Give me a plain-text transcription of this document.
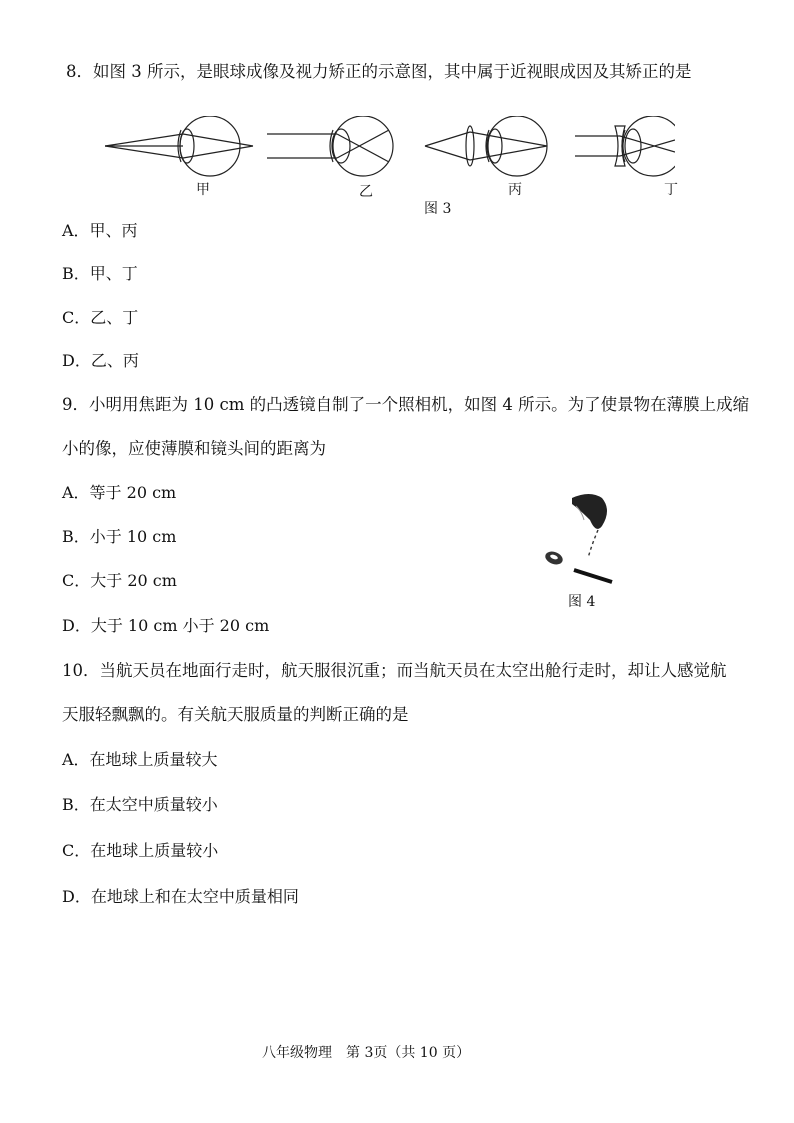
8．如图 3 所示，是眼球成像及视力矫正的示意图，其中属于近视眼成因及其矫正的是
甲	乙	丙	丁
图 3
A．甲、丙
B．甲、丁
C．乙、丁
D．乙、丙
9．小明用焦距为 10 cm 的凸透镜自制了一个照相机，如图 4 所示。为了使景物在薄膜上成缩
小的像，应使薄膜和镜头间的距离为
A．等于 20 cm
B．小于 10 cm
C．大于 20 cm
D．大于 10 cm 小于 20 cm
图 4
10．当航天员在地面行走时，航天服很沉重；而当航天员在太空出舱行走时，却让人感觉航
天服轻飘飘的。有关航天服质量的判断正确的是
A．在地球上质量较大
B．在太空中质量较小
C．在地球上质量较小
D．在地球上和在太空中质量相同
八年级物理　第 3页（共 10 页）
